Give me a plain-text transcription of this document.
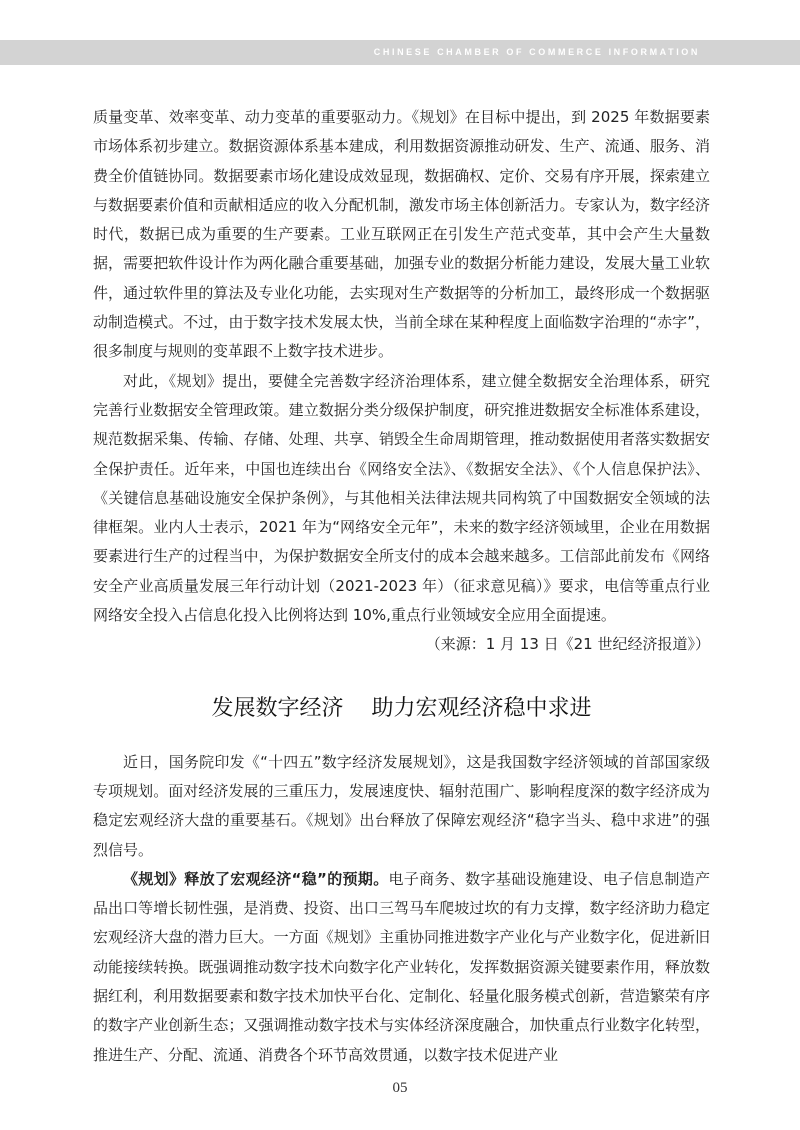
CHINESE CHAMBER OF COMMERCE INFORMATION

质量变革、效率变革、动力变革的重要驱动力。《规划》在目标中提出，到 2025 年数据要素市场体系初步建立。数据资源体系基本建成，利用数据资源推动研发、生产、流通、服务、消费全价值链协同。数据要素市场化建设成效显现，数据确权、定价、交易有序开展，探索建立与数据要素价值和贡献相适应的收入分配机制，激发市场主体创新活力。专家认为，数字经济时代，数据已成为重要的生产要素。工业互联网正在引发生产范式变革，其中会产生大量数据，需要把软件设计作为两化融合重要基础，加强专业的数据分析能力建设，发展大量工业软件，通过软件里的算法及专业化功能，去实现对生产数据等的分析加工，最终形成一个数据驱动制造模式。不过，由于数字技术发展太快，当前全球在某种程度上面临数字治理的“赤字”，很多制度与规则的变革跟不上数字技术进步。

对此，《规划》提出，要健全完善数字经济治理体系，建立健全数据安全治理体系，研究完善行业数据安全管理政策。建立数据分类分级保护制度，研究推进数据安全标准体系建设，规范数据采集、传输、存储、处理、共享、销毁全生命周期管理，推动数据使用者落实数据安全保护责任。近年来，中国也连续出台《网络安全法》、《数据安全法》、《个人信息保护法》、《关键信息基础设施安全保护条例》，与其他相关法律法规共同构筑了中国数据安全领域的法律框架。业内人士表示，2021 年为“网络安全元年”，未来的数字经济领域里，企业在用数据要素进行生产的过程当中，为保护数据安全所支付的成本会越来越多。工信部此前发布《网络安全产业高质量发展三年行动计划（2021-2023 年）（征求意见稿）》要求，电信等重点行业网络安全投入占信息化投入比例将达到 10%,重点行业领域安全应用全面提速。

（来源：1 月 13 日《21 世纪经济报道》）

发展数字经济    助力宏观经济稳中求进

近日，国务院印发《“十四五”数字经济发展规划》，这是我国数字经济领域的首部国家级专项规划。面对经济发展的三重压力，发展速度快、辐射范围广、影响程度深的数字经济成为稳定宏观经济大盘的重要基石。《规划》出台释放了保障宏观经济“稳字当头、稳中求进”的强烈信号。

《规划》释放了宏观经济“稳”的预期。电子商务、数字基础设施建设、电子信息制造产品出口等增长韧性强，是消费、投资、出口三驾马车爬坡过坎的有力支撑，数字经济助力稳定宏观经济大盘的潜力巨大。一方面《规划》主重协同推进数字产业化与产业数字化，促进新旧动能接续转换。既强调推动数字技术向数字化产业转化，发挥数据资源关键要素作用，释放数据红利，利用数据要素和数字技术加快平台化、定制化、轻量化服务模式创新，营造繁荣有序的数字产业创新生态；又强调推动数字技术与实体经济深度融合，加快重点行业数字化转型，推进生产、分配、流通、消费各个环节高效贯通，以数字技术促进产业

05
